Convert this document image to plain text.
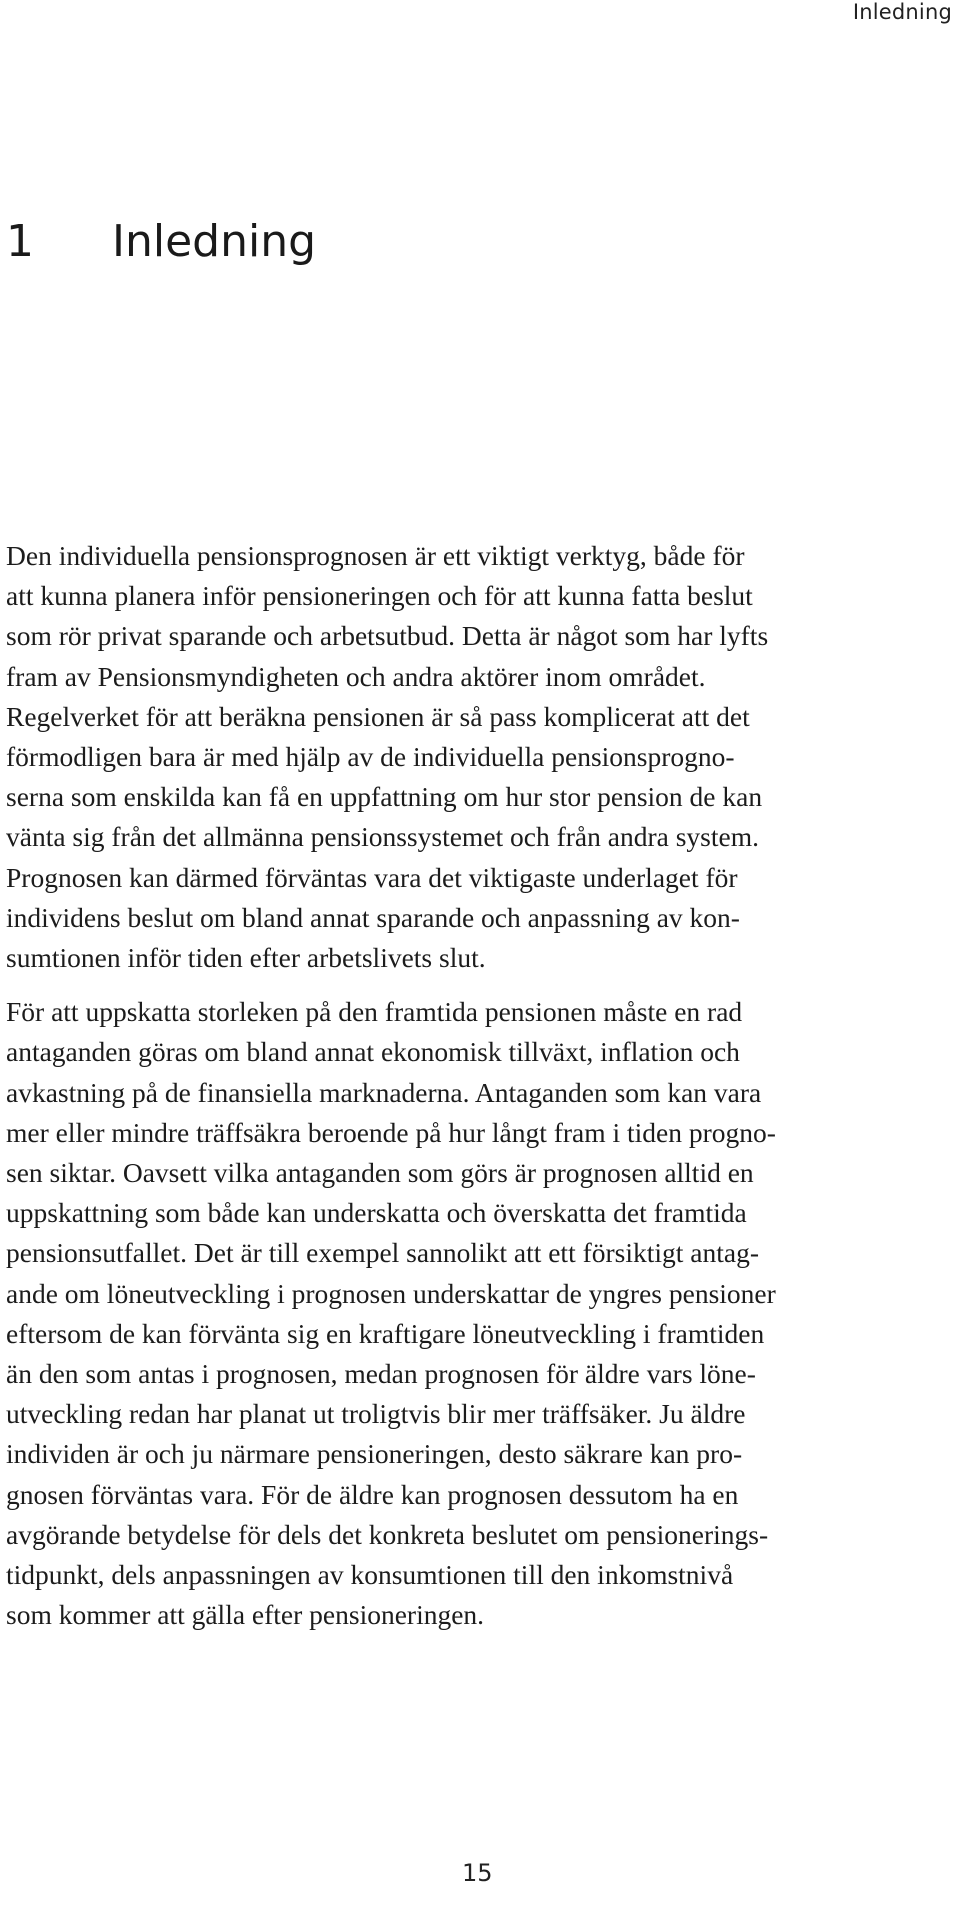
Inledning
1 Inledning

Den individuella pensionsprognosen är ett viktigt verktyg, både för
att kunna planera inför pensioneringen och för att kunna fatta beslut
som rör privat sparande och arbetsutbud. Detta är något som har lyfts
fram av Pensionsmyndigheten och andra aktörer inom området.
Regelverket för att beräkna pensionen är så pass komplicerat att det
förmodligen bara är med hjälp av de individuella pensionsprogno-
serna som enskilda kan få en uppfattning om hur stor pension de kan
vänta sig från det allmänna pensionssystemet och från andra system.
Prognosen kan därmed förväntas vara det viktigaste underlaget för
individens beslut om bland annat sparande och anpassning av kon-
sumtionen inför tiden efter arbetslivets slut.

För att uppskatta storleken på den framtida pensionen måste en rad
antaganden göras om bland annat ekonomisk tillväxt, inflation och
avkastning på de finansiella marknaderna. Antaganden som kan vara
mer eller mindre träffsäkra beroende på hur långt fram i tiden progno-
sen siktar. Oavsett vilka antaganden som görs är prognosen alltid en
uppskattning som både kan underskatta och överskatta det framtida
pensionsutfallet. Det är till exempel sannolikt att ett försiktigt antag-
ande om löneutveckling i prognosen underskattar de yngres pensioner
eftersom de kan förvänta sig en kraftigare löneutveckling i framtiden
än den som antas i prognosen, medan prognosen för äldre vars löne-
utveckling redan har planat ut troligtvis blir mer träffsäker. Ju äldre
individen är och ju närmare pensioneringen, desto säkrare kan pro-
gnosen förväntas vara. För de äldre kan prognosen dessutom ha en
avgörande betydelse för dels det konkreta beslutet om pensionerings-
tidpunkt, dels anpassningen av konsumtionen till den inkomstnivå
som kommer att gälla efter pensioneringen.

15
